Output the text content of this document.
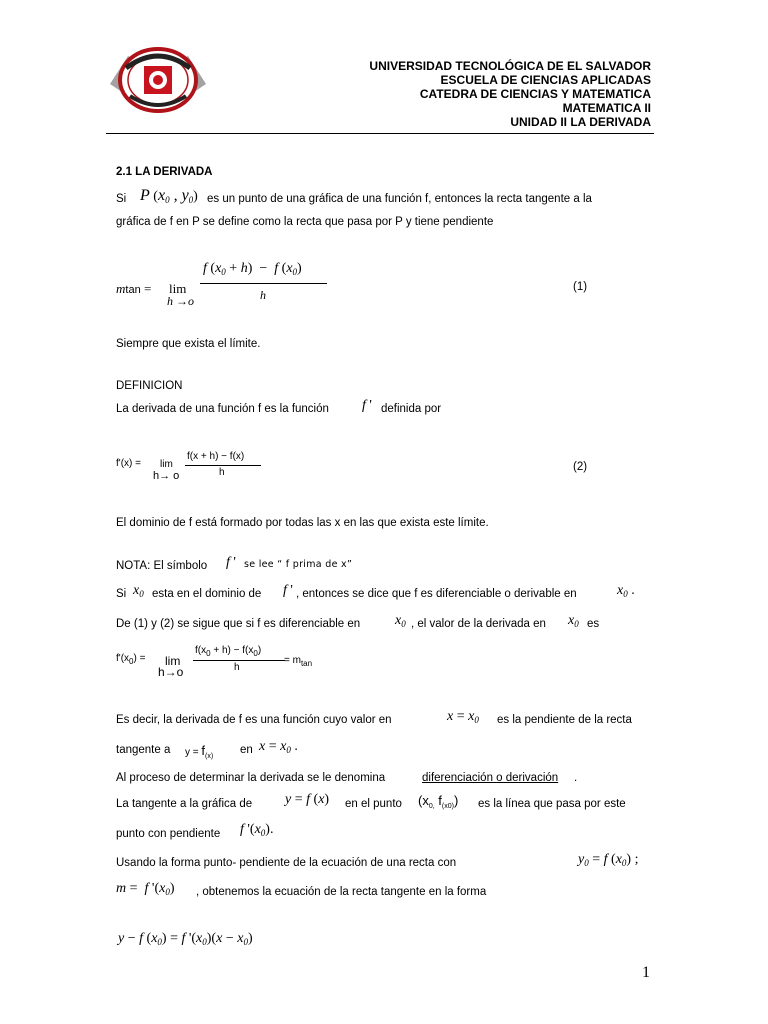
UNIVERSIDAD TECNOLÓGICA DE EL SALVADOR
ESCUELA DE CIENCIAS APLICADAS
CATEDRA DE CIENCIAS Y MATEMATICA
MATEMATICA II
UNIDAD II LA DERIVADA
2.1 LA DERIVADA
Si P ($x_0$ , $y_0$) es un punto de una gráfica de una función f, entonces la recta tangente a la
gráfica de f en P se define como la recta que pasa por P y tiene pendiente
mtan = lim
h →o
f $(x_0 + h) - f$ $(x_0)$
h
(1)
Siempre que exista el límite.
DEFINICION
La derivada de una función f es la función f ' definida por
f'(x) = lim
h→ o
f(x + h) − f(x)
h	(2)
El dominio de f está formado por todas las x en las que exista este límite.
NOTA: El símbolo f ' se lee “ f prima de x”
Si $x_0$ esta en el dominio de f ' , entonces se dice que f es diferenciable o derivable en	$x_0$ .
De (1) y (2) se sigue que si f es diferenciable en $x_0$ , el valor de la derivada en $x_0$ es
$f'(x_0) = \lim$
h→o
$f(x_0 + h) - f(x_0)$
h
= $m_{tan}$
Es decir, la derivada de f es una función cuyo valor en	$x = x_0$ es la pendiente de la recta
tangente a $y = f_{(x)}$
en $x = x_0$ .
Al proceso de determinar la derivada se le denomina	diferenciación o derivación .
La tangente a la gráfica de y = f (x) en el punto ($x_{0,}$ $f_{(x0)}$) es la línea que pasa por este
punto con pendiente f '$(x_0)$.
Usando la forma punto- pendiente de la ecuación de una recta con	$y_0 = f$ $(x_0)$ ;
m =  f '$(x_0)$ , obtenemos la ecuación de la recta tangente en la forma
y − f $(x_0) = f$ '$(x_0)(x - x_0)$
1
